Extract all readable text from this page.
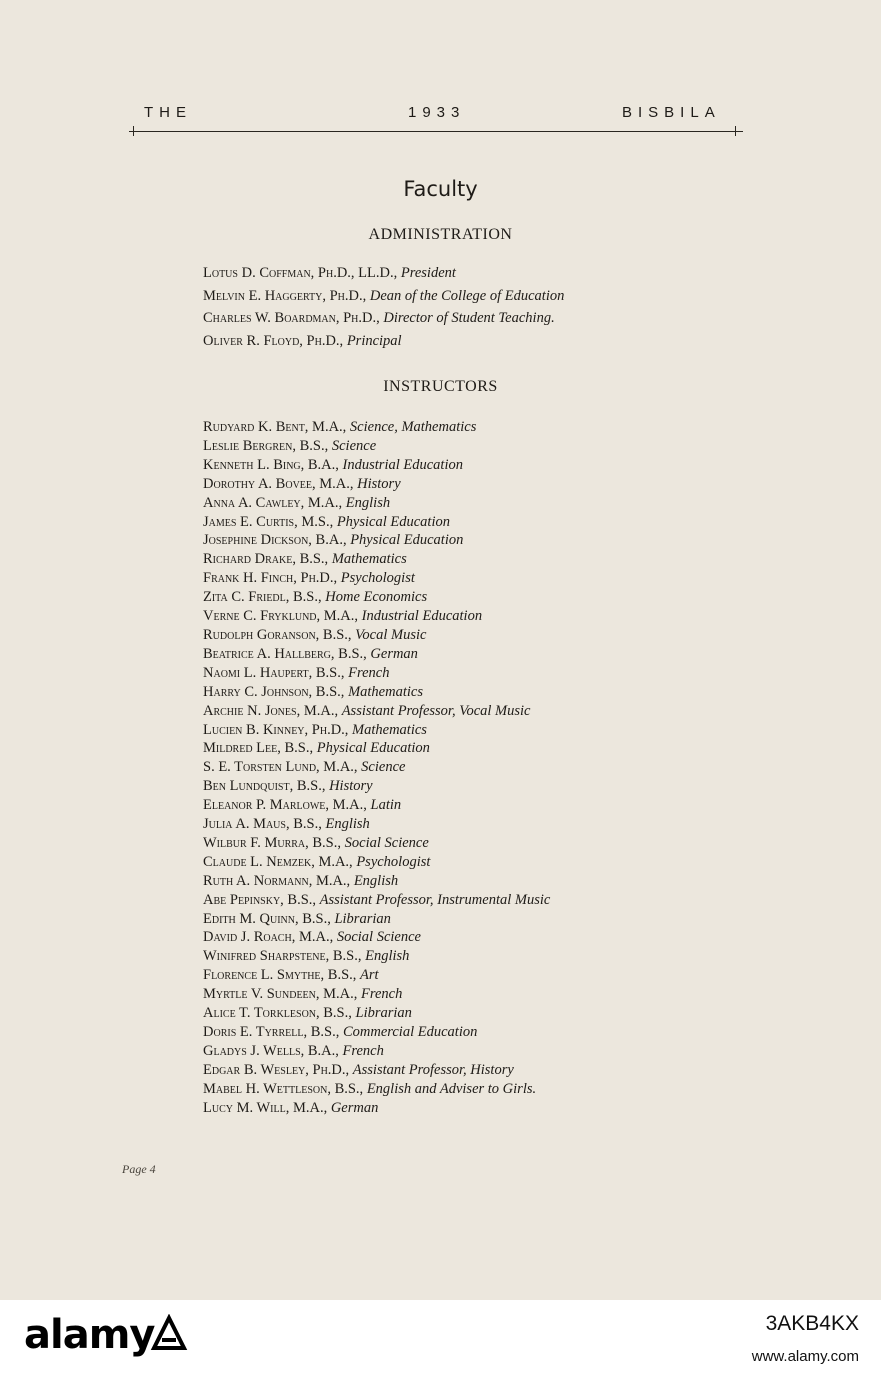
THE	1933	BISBILA
Faculty
ADMINISTRATION
Lotus D. Coffman, Ph.D., LL.D., President
Melvin E. Haggerty, Ph.D., Dean of the College of Education
Charles W. Boardman, Ph.D., Director of Student Teaching.
Oliver R. Floyd, Ph.D., Principal
INSTRUCTORS
Rudyard K. Bent, M.A., Science, Mathematics
Leslie Bergren, B.S., Science
Kenneth L. Bing, B.A., Industrial Education
Dorothy A. Bovee, M.A., History
Anna A. Cawley, M.A., English
James E. Curtis, M.S., Physical Education
Josephine Dickson, B.A., Physical Education
Richard Drake, B.S., Mathematics
Frank H. Finch, Ph.D., Psychologist
Zita C. Friedl, B.S., Home Economics
Verne C. Fryklund, M.A., Industrial Education
Rudolph Goranson, B.S., Vocal Music
Beatrice A. Hallberg, B.S., German
Naomi L. Haupert, B.S., French
Harry C. Johnson, B.S., Mathematics
Archie N. Jones, M.A., Assistant Professor, Vocal Music
Lucien B. Kinney, Ph.D., Mathematics
Mildred Lee, B.S., Physical Education
S. E. Torsten Lund, M.A., Science
Ben Lundquist, B.S., History
Eleanor P. Marlowe, M.A., Latin
Julia A. Maus, B.S., English
Wilbur F. Murra, B.S., Social Science
Claude L. Nemzek, M.A., Psychologist
Ruth A. Normann, M.A., English
Abe Pepinsky, B.S., Assistant Professor, Instrumental Music
Edith M. Quinn, B.S., Librarian
David J. Roach, M.A., Social Science
Winifred Sharpstene, B.S., English
Florence L. Smythe, B.S., Art
Myrtle V. Sundeen, M.A., French
Alice T. Torkleson, B.S., Librarian
Doris E. Tyrrell, B.S., Commercial Education
Gladys J. Wells, B.A., French
Edgar B. Wesley, Ph.D., Assistant Professor, History
Mabel H. Wettleson, B.S., English and Adviser to Girls.
Lucy M. Will, M.A., German
Page 4
alamy	3AKB4KX
www.alamy.com
